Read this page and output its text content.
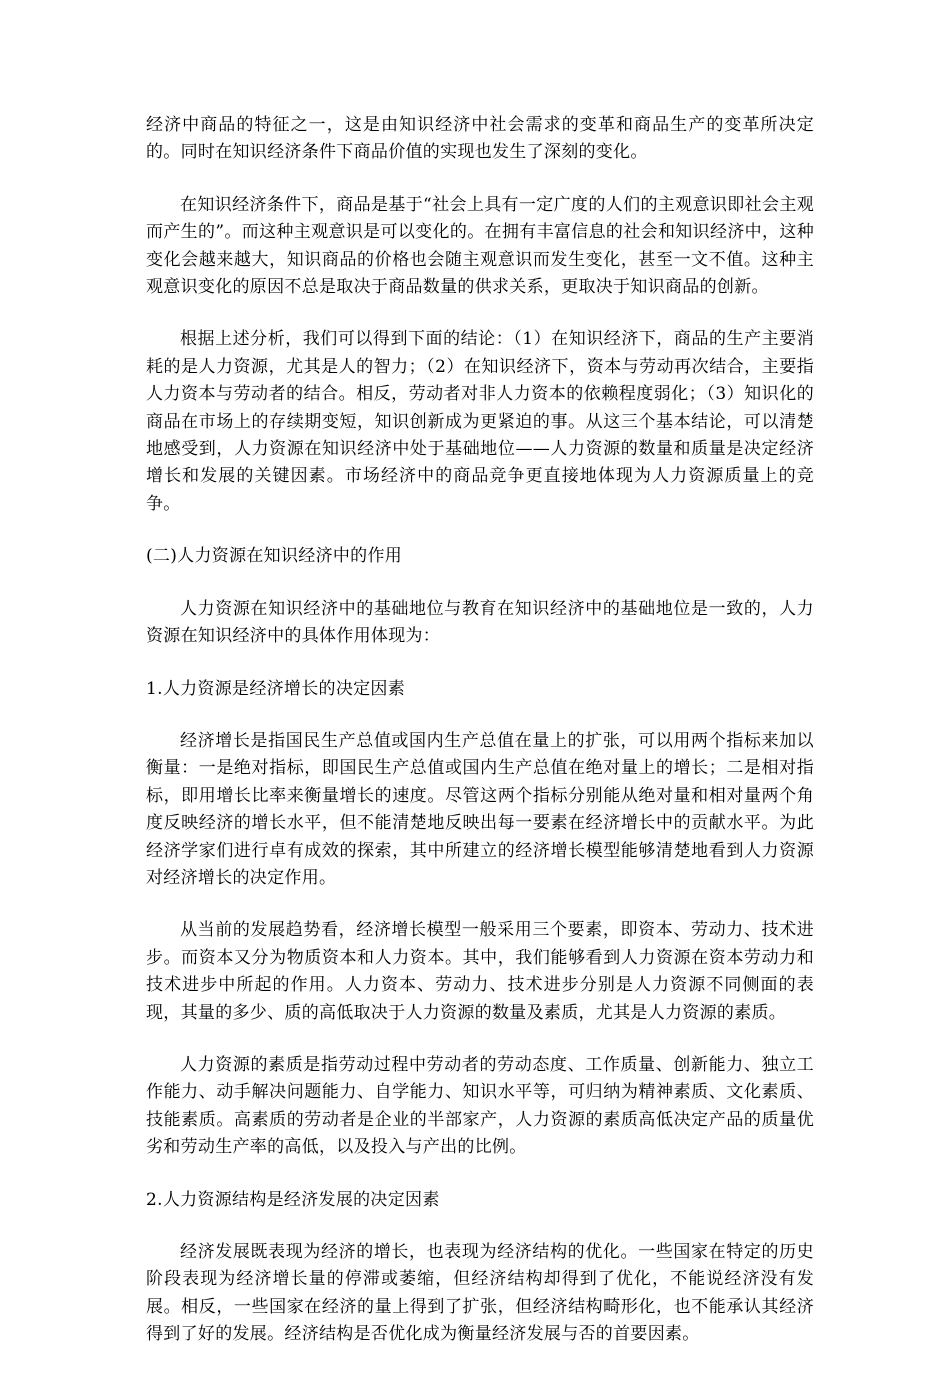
经济中商品的特征之一，这是由知识经济中社会需求的变革和商品生产的变革所决定的。同时在知识经济条件下商品价值的实现也发生了深刻的变化。

在知识经济条件下，商品是基于“社会上具有一定广度的人们的主观意识即社会主观而产生的”。而这种主观意识是可以变化的。在拥有丰富信息的社会和知识经济中，这种变化会越来越大，知识商品的价格也会随主观意识而发生变化，甚至一文不值。这种主观意识变化的原因不总是取决于商品数量的供求关系，更取决于知识商品的创新。

根据上述分析，我们可以得到下面的结论：（1）在知识经济下，商品的生产主要消耗的是人力资源，尤其是人的智力；（2）在知识经济下，资本与劳动再次结合，主要指人力资本与劳动者的结合。相反，劳动者对非人力资本的依赖程度弱化；（3）知识化的商品在市场上的存续期变短，知识创新成为更紧迫的事。从这三个基本结论，可以清楚地感受到，人力资源在知识经济中处于基础地位——人力资源的数量和质量是决定经济增长和发展的关键因素。市场经济中的商品竞争更直接地体现为人力资源质量上的竞争。

(二)人力资源在知识经济中的作用

人力资源在知识经济中的基础地位与教育在知识经济中的基础地位是一致的，人力资源在知识经济中的具体作用体现为：

1.人力资源是经济增长的决定因素

经济增长是指国民生产总值或国内生产总值在量上的扩张，可以用两个指标来加以衡量：一是绝对指标，即国民生产总值或国内生产总值在绝对量上的增长；二是相对指标，即用增长比率来衡量增长的速度。尽管这两个指标分别能从绝对量和相对量两个角度反映经济的增长水平，但不能清楚地反映出每一要素在经济增长中的贡献水平。为此经济学家们进行卓有成效的探索，其中所建立的经济增长模型能够清楚地看到人力资源对经济增长的决定作用。

从当前的发展趋势看，经济增长模型一般采用三个要素，即资本、劳动力、技术进步。而资本又分为物质资本和人力资本。其中，我们能够看到人力资源在资本劳动力和技术进步中所起的作用。人力资本、劳动力、技术进步分别是人力资源不同侧面的表现，其量的多少、质的高低取决于人力资源的数量及素质，尤其是人力资源的素质。

人力资源的素质是指劳动过程中劳动者的劳动态度、工作质量、创新能力、独立工作能力、动手解决问题能力、自学能力、知识水平等，可归纳为精神素质、文化素质、技能素质。高素质的劳动者是企业的半部家产，人力资源的素质高低决定产品的质量优劣和劳动生产率的高低，以及投入与产出的比例。

2.人力资源结构是经济发展的决定因素

经济发展既表现为经济的增长，也表现为经济结构的优化。一些国家在特定的历史阶段表现为经济增长量的停滞或萎缩，但经济结构却得到了优化，不能说经济没有发展。相反，一些国家在经济的量上得到了扩张，但经济结构畸形化，也不能承认其经济得到了好的发展。经济结构是否优化成为衡量经济发展与否的首要因素。
